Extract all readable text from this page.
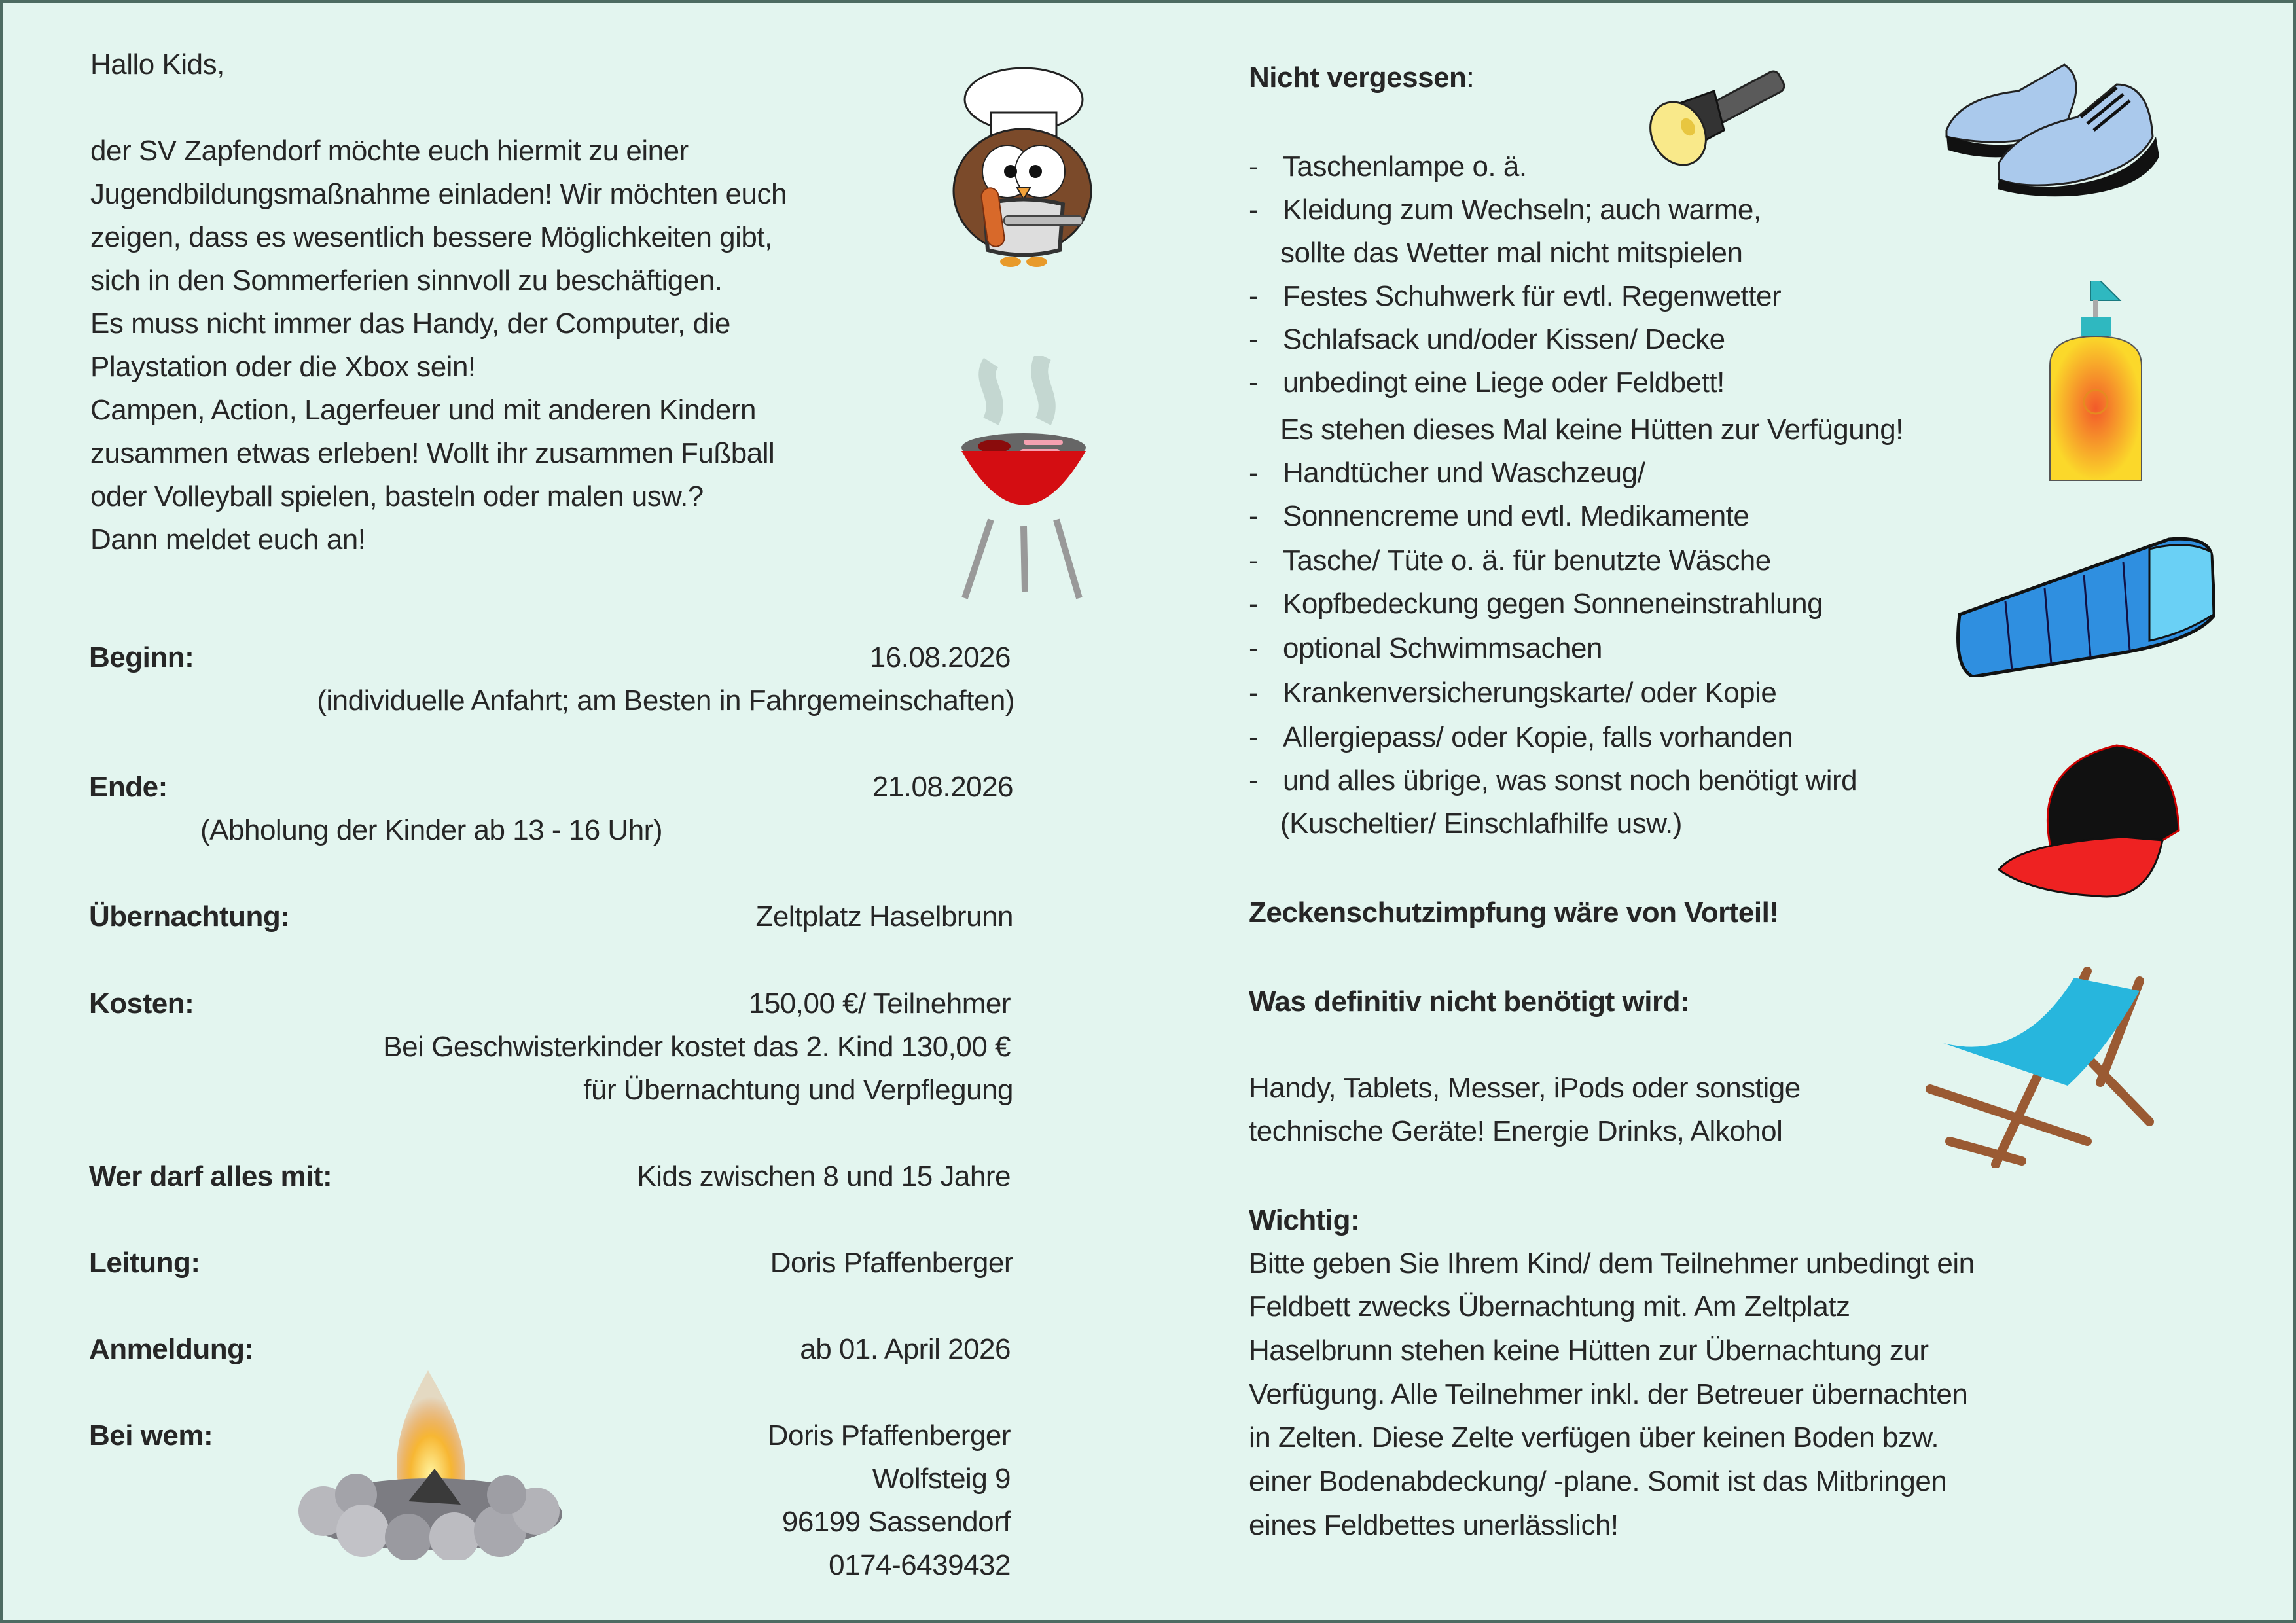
Hallo Kids,
der SV Zapfendorf möchte euch hiermit zu einer
Jugendbildungsmaßnahme einladen! Wir möchten euch
zeigen, dass es wesentlich bessere Möglichkeiten gibt,
sich in den Sommerferien sinnvoll zu beschäftigen.
Es muss nicht immer das Handy, der Computer, die
Playstation oder die Xbox sein!
Campen, Action, Lagerfeuer und mit anderen Kindern
zusammen etwas erleben! Wollt ihr zusammen Fußball
oder Volleyball spielen, basteln oder malen usw.?
Dann meldet euch an!
Beginn:	16.08.2026
(individuelle Anfahrt; am Besten in Fahrgemeinschaften)
Ende:	21.08.2026
(Abholung der Kinder ab 13 - 16 Uhr)
Übernachtung:	Zeltplatz Haselbrunn
Kosten:	150,00 €/ Teilnehmer
Bei Geschwisterkinder kostet das 2. Kind 130,00 €
für Übernachtung und Verpflegung
Wer darf alles mit:	Kids zwischen 8 und 15 Jahre
Leitung:	Doris Pfaffenberger
Anmeldung:	ab 01. April 2026
Bei wem:	Doris Pfaffenberger
Wolfsteig 9
96199 Sassendorf
0174-6439432
Nicht vergessen:
- Taschenlampe o. ä.
- Kleidung zum Wechseln; auch warme,
sollte das Wetter mal nicht mitspielen
- Festes Schuhwerk für evtl. Regenwetter
- Schlafsack und/oder Kissen/ Decke
- unbedingt eine Liege oder Feldbett!
Es stehen dieses Mal keine Hütten zur Verfügung!
- Handtücher und Waschzeug/
- Sonnencreme und evtl. Medikamente
- Tasche/ Tüte o. ä. für benutzte Wäsche
- Kopfbedeckung gegen Sonneneinstrahlung
- optional Schwimmsachen
- Krankenversicherungskarte/ oder Kopie
- Allergiepass/ oder Kopie, falls vorhanden
- und alles übrige, was sonst noch benötigt wird
(Kuscheltier/ Einschlafhilfe usw.)
Zeckenschutzimpfung wäre von Vorteil!
Was definitiv nicht benötigt wird:
Handy, Tablets, Messer, iPods oder sonstige
technische Geräte! Energie Drinks, Alkohol
Wichtig:
Bitte geben Sie Ihrem Kind/ dem Teilnehmer unbedingt ein
Feldbett zwecks Übernachtung mit. Am Zeltplatz
Haselbrunn stehen keine Hütten zur Übernachtung zur
Verfügung. Alle Teilnehmer inkl. der Betreuer übernachten
in Zelten. Diese Zelte verfügen über keinen Boden bzw.
einer Bodenabdeckung/ -plane. Somit ist das Mitbringen
eines Feldbettes unerlässlich!
